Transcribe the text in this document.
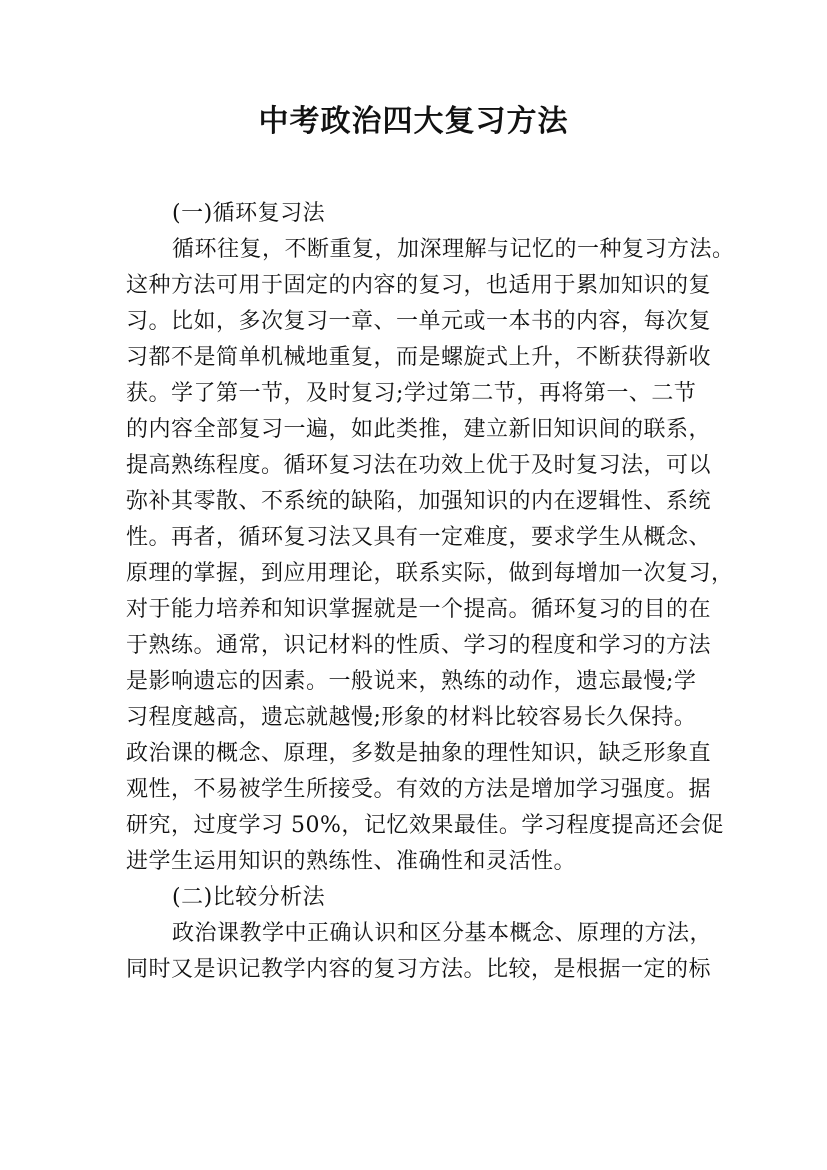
中考政治四大复习方法
(一)循环复习法
循环往复，不断重复，加深理解与记忆的一种复习方法。
这种方法可用于固定的内容的复习，也适用于累加知识的复
习。比如，多次复习一章、一单元或一本书的内容，每次复
习都不是简单机械地重复，而是螺旋式上升，不断获得新收
获。学了第一节，及时复习;学过第二节，再将第一、二节
的内容全部复习一遍，如此类推，建立新旧知识间的联系，
提高熟练程度。循环复习法在功效上优于及时复习法，可以
弥补其零散、不系统的缺陷，加强知识的内在逻辑性、系统
性。再者，循环复习法又具有一定难度，要求学生从概念、
原理的掌握，到应用理论，联系实际，做到每增加一次复习，
对于能力培养和知识掌握就是一个提高。循环复习的目的在
于熟练。通常，识记材料的性质、学习的程度和学习的方法
是影响遗忘的因素。一般说来，熟练的动作，遗忘最慢;学
习程度越高，遗忘就越慢;形象的材料比较容易长久保持。
政治课的概念、原理，多数是抽象的理性知识，缺乏形象直
观性，不易被学生所接受。有效的方法是增加学习强度。据
研究，过度学习 50%，记忆效果最佳。学习程度提高还会促
进学生运用知识的熟练性、准确性和灵活性。
(二)比较分析法
政治课教学中正确认识和区分基本概念、原理的方法，
同时又是识记教学内容的复习方法。比较，是根据一定的标
